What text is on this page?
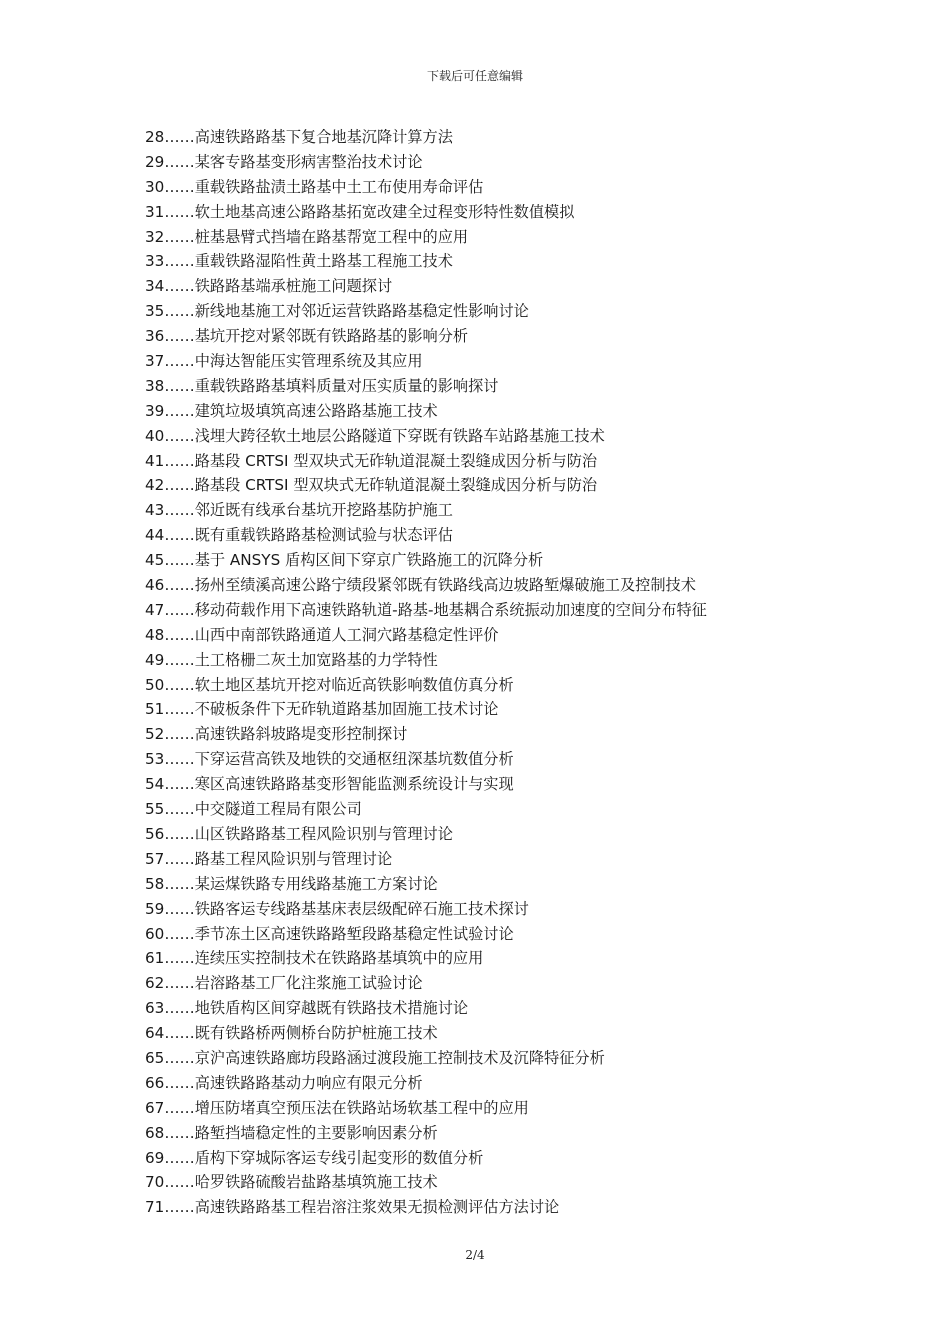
下载后可任意编辑
28……高速铁路路基下复合地基沉降计算方法
29……某客专路基变形病害整治技术讨论
30……重载铁路盐渍土路基中土工布使用寿命评估
31……软土地基高速公路路基拓宽改建全过程变形特性数值模拟
32……桩基悬臂式挡墙在路基帮宽工程中的应用
33……重载铁路湿陷性黄土路基工程施工技术
34……铁路路基端承桩施工问题探讨
35……新线地基施工对邻近运营铁路路基稳定性影响讨论
36……基坑开挖对紧邻既有铁路路基的影响分析
37……中海达智能压实管理系统及其应用
38……重载铁路路基填料质量对压实质量的影响探讨
39……建筑垃圾填筑高速公路路基施工技术
40……浅埋大跨径软土地层公路隧道下穿既有铁路车站路基施工技术
41……路基段 CRTSI 型双块式无砟轨道混凝土裂缝成因分析与防治
42……路基段 CRTSI 型双块式无砟轨道混凝土裂缝成因分析与防治
43……邻近既有线承台基坑开挖路基防护施工
44……既有重载铁路路基检测试验与状态评估
45……基于 ANSYS 盾构区间下穿京广铁路施工的沉降分析
46……扬州至绩溪高速公路宁绩段紧邻既有铁路线高边坡路堑爆破施工及控制技术
47……移动荷载作用下高速铁路轨道-路基-地基耦合系统振动加速度的空间分布特征
48……山西中南部铁路通道人工洞穴路基稳定性评价
49……土工格栅二灰土加宽路基的力学特性
50……软土地区基坑开挖对临近高铁影响数值仿真分析
51……不破板条件下无砟轨道路基加固施工技术讨论
52……高速铁路斜坡路堤变形控制探讨
53……下穿运营高铁及地铁的交通枢纽深基坑数值分析
54……寒区高速铁路路基变形智能监测系统设计与实现
55……中交隧道工程局有限公司
56……山区铁路路基工程风险识别与管理讨论
57……路基工程风险识别与管理讨论
58……某运煤铁路专用线路基施工方案讨论
59……铁路客运专线路基基床表层级配碎石施工技术探讨
60……季节冻土区高速铁路路堑段路基稳定性试验讨论
61……连续压实控制技术在铁路路基填筑中的应用
62……岩溶路基工厂化注浆施工试验讨论
63……地铁盾构区间穿越既有铁路技术措施讨论
64……既有铁路桥两侧桥台防护桩施工技术
65……京沪高速铁路廊坊段路涵过渡段施工控制技术及沉降特征分析
66……高速铁路路基动力响应有限元分析
67……增压防堵真空预压法在铁路站场软基工程中的应用
68……路堑挡墙稳定性的主要影响因素分析
69……盾构下穿城际客运专线引起变形的数值分析
70……哈罗铁路硫酸岩盐路基填筑施工技术
71……高速铁路路基工程岩溶注浆效果无损检测评估方法讨论
2/4
